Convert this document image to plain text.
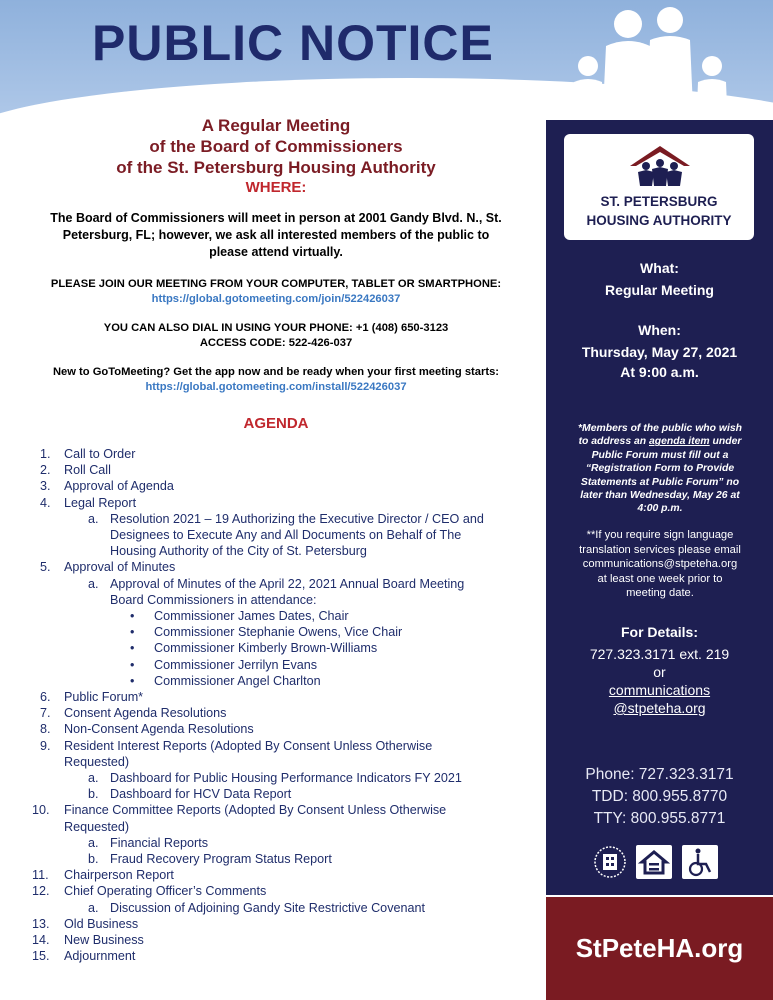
PUBLIC NOTICE

A Regular Meeting

of the Board of Commissioners

of the St. Petersburg Housing Authority

WHERE:

The Board of Commissioners will meet in person at 2001 Gandy Blvd. N., St.
Petersburg, FL; however, we ask all interested members of the public to
please attend virtually.

PLEASE JOIN OUR MEETING FROM YOUR COMPUTER, TABLET OR SMARTPHONE:

https://global.gotomeeting.com/join/522426037

YOU CAN ALSO DIAL IN USING YOUR PHONE: +1 (408) 650-3123

ACCESS CODE: 522-426-037

New to GoToMeeting? Get the app now and be ready when your first meeting starts:

https://global.gotomeeting.com/install/522426037

AGENDA

1.	Call to Order
2.	Roll Call
3.	Approval of Agenda
4.	Legal Report
a. Resolution 2021 – 19 Authorizing the Executive Director / CEO and
Designees to Execute Any and All Documents on Behalf of The
Housing Authority of the City of St. Petersburg
5.	Approval of Minutes
a. Approval of Minutes of the April 22, 2021 Annual Board Meeting
Board Commissioners in attendance:
•	Commissioner James Dates, Chair
•	Commissioner Stephanie Owens, Vice Chair
•	Commissioner Kimberly Brown-Williams
•	Commissioner Jerrilyn Evans
•	Commissioner Angel Charlton
6.	Public Forum*
7.	Consent Agenda Resolutions
8.	Non-Consent Agenda Resolutions
9.	Resident Interest Reports (Adopted By Consent Unless Otherwise
Requested)
a. Dashboard for Public Housing Performance Indicators FY 2021
b. Dashboard for HCV Data Report
10.	Finance Committee Reports (Adopted By Consent Unless Otherwise
Requested)
a. Financial Reports
b. Fraud Recovery Program Status Report
11.	Chairperson Report
12.	Chief Operating Officer’s Comments
a. Discussion of Adjoining Gandy Site Restrictive Covenant
13.	Old Business
14.	New Business
15.	Adjournment
ST. PETERSBURG
HOUSING AUTHORITY
What:
Regular Meeting
When:
Thursday, May 27, 2021
At 9:00 a.m.
*Members of the public who wish
to address an agenda item under
Public Forum must fill out a
“Registration Form to Provide
Statements at Public Forum” no
later than Wednesday, May 26 at
4:00 p.m.
**If you require sign language
translation services please email
communications@stpeteha.org
at least one week prior to
meeting date.
For Details:
727.323.3171 ext. 219
or
communications
@stpeteha.org
Phone: 727.323.3171
TDD: 800.955.8770
TTY: 800.955.8771
StPeteHA.org
